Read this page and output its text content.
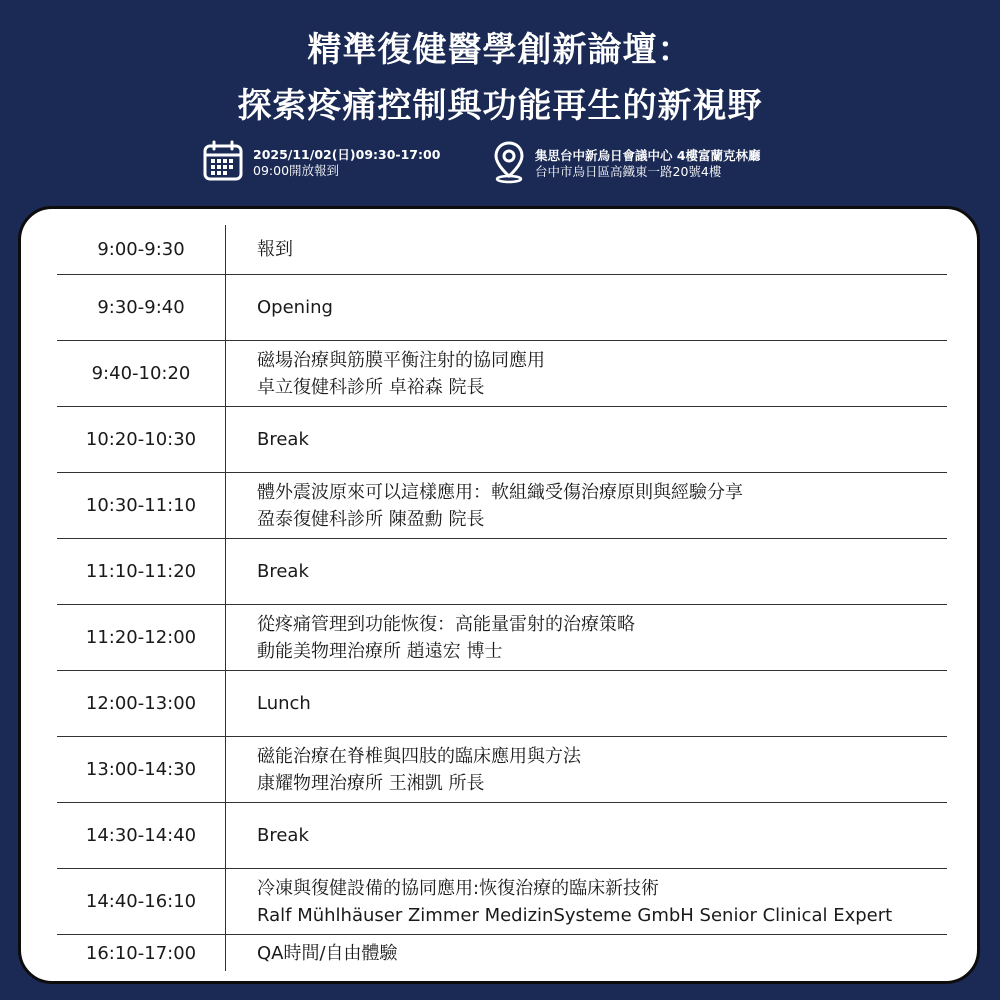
精準復健醫學創新論壇：
探索疼痛控制與功能再生的新視野
2025/11/02(日)09:30-17:00
09:00開放報到
集思台中新烏日會議中心 4樓富蘭克林廳
台中市烏日區高鐵東一路20號4樓
9:00-9:30	報到
9:30-9:40	Opening
9:40-10:20
磁場治療與筋膜平衡注射的協同應用
卓立復健科診所 卓裕森 院長
10:20-10:30	Break
10:30-11:10
體外震波原來可以這樣應用：軟組織受傷治療原則與經驗分享
盈泰復健科診所 陳盈勳 院長
11:10-11:20	Break
11:20-12:00
從疼痛管理到功能恢復：高能量雷射的治療策略
動能美物理治療所 趙遠宏 博士
12:00-13:00	Lunch
13:00-14:30
磁能治療在脊椎與四肢的臨床應用與方法
康耀物理治療所 王湘凱 所長
14:30-14:40	Break
14:40-16:10
冷凍與復健設備的協同應用:恢復治療的臨床新技術
Ralf Mühlhäuser Zimmer MedizinSysteme GmbH Senior Clinical Expert
16:10-17:00	QA時間/自由體驗
